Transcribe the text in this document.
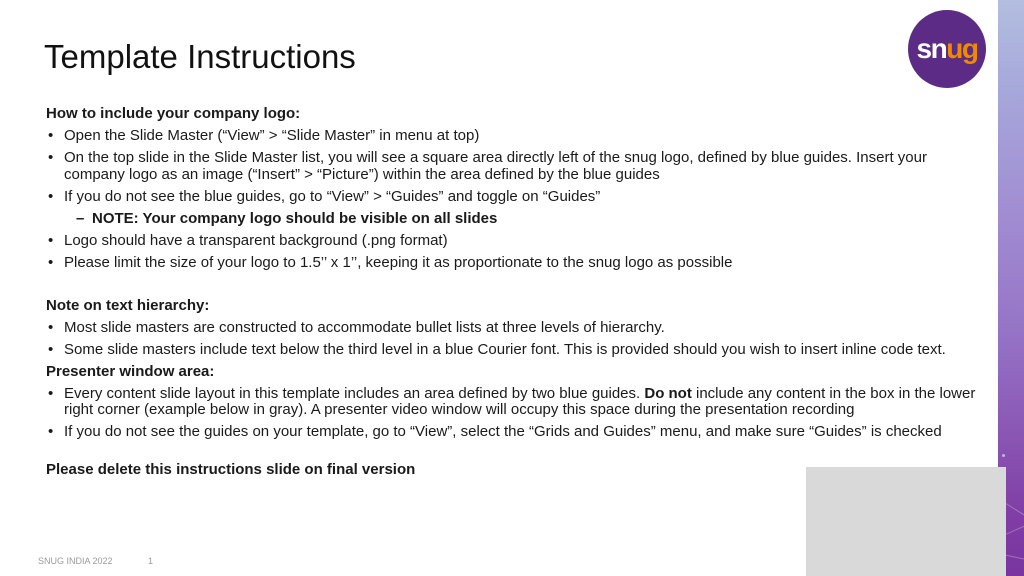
snug
Template Instructions
How to include your company logo:
• Open the Slide Master (“View” > “Slide Master” in menu at top)
• On the top slide in the Slide Master list, you will see a square area directly left of the snug logo, defined by blue guides. Insert your company logo as an image (“Insert” > “Picture”) within the area defined by the blue guides
• If you do not see the blue guides, go to “View” > “Guides” and toggle on “Guides”
– NOTE: Your company logo should be visible on all slides
• Logo should have a transparent background (.png format)
• Please limit the size of your logo to 1.5’’ x 1’’, keeping it as proportionate to the snug logo as possible
Note on text hierarchy:
• Most slide masters are constructed to accommodate bullet lists at three levels of hierarchy.
• Some slide masters include text below the third level in a blue Courier font. This is provided should you wish to insert inline code text.
Presenter window area:
• Every content slide layout in this template includes an area defined by two blue guides. Do not include any content in the box in the lower right corner (example below in gray). A presenter video window will occupy this space during the presentation recording
• If you do not see the guides on your template, go to “View”, select the “Grids and Guides” menu, and make sure “Guides” is checked
Please delete this instructions slide on final version
SNUG INDIA 2022	1
